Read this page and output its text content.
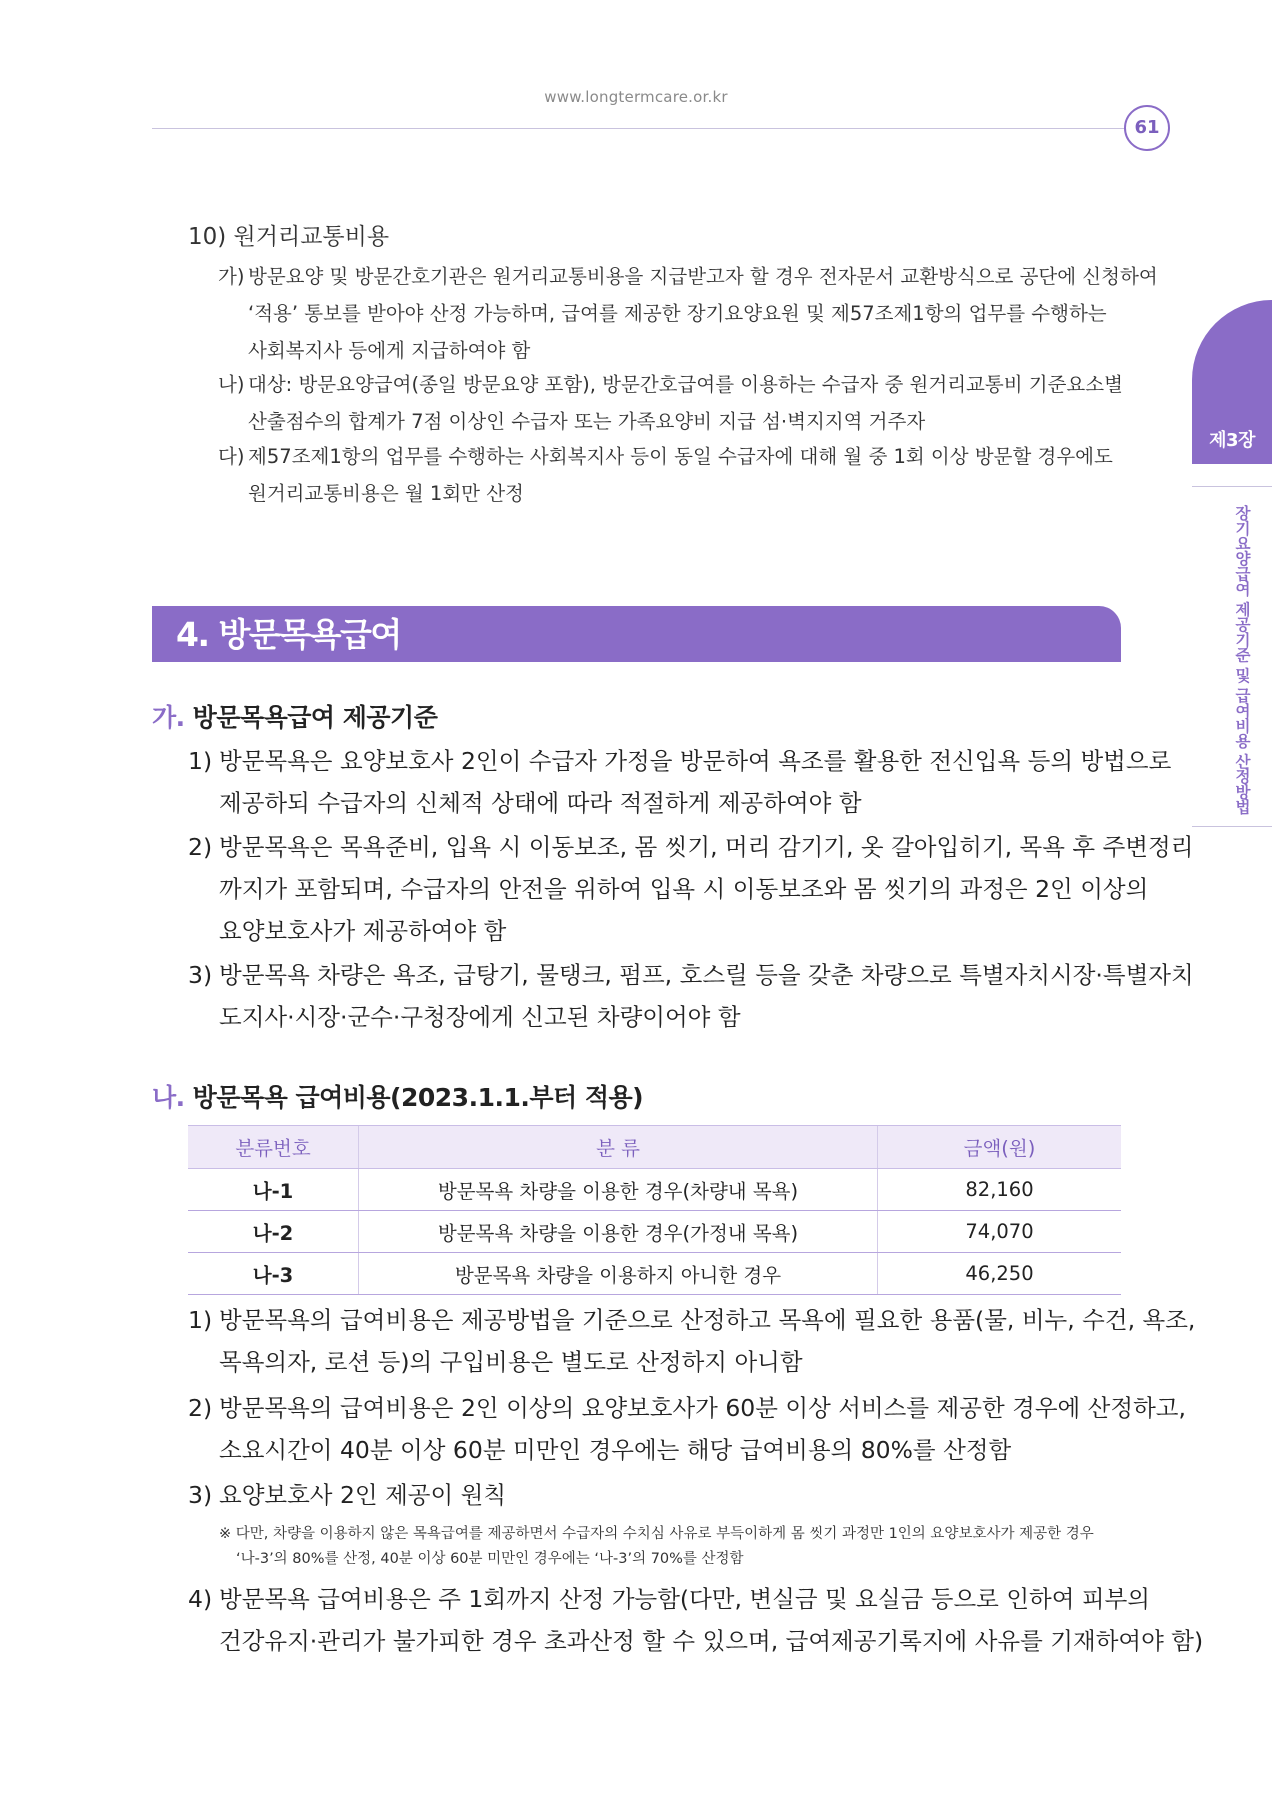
www.longtermcare.or.kr
61
제3장
장기요양급여 제공기준 및 급여비용 산정방법
10) 원거리교통비용
가) 방문요양 및 방문간호기관은 원거리교통비용을 지급받고자 할 경우 전자문서 교환방식으로 공단에 신청하여
‘적용’ 통보를 받아야 산정 가능하며, 급여를 제공한 장기요양요원 및 제57조제1항의 업무를 수행하는
사회복지사 등에게 지급하여야 함
나) 대상: 방문요양급여(종일 방문요양 포함), 방문간호급여를 이용하는 수급자 중 원거리교통비 기준요소별
산출점수의 합계가 7점 이상인 수급자 또는 가족요양비 지급 섬·벽지지역 거주자
다) 제57조제1항의 업무를 수행하는 사회복지사 등이 동일 수급자에 대해 월 중 1회 이상 방문할 경우에도
원거리교통비용은 월 1회만 산정
4. 방문목욕급여
가. 방문목욕급여 제공기준
1) 방문목욕은 요양보호사 2인이 수급자 가정을 방문하여 욕조를 활용한 전신입욕 등의 방법으로
제공하되 수급자의 신체적 상태에 따라 적절하게 제공하여야 함
2) 방문목욕은 목욕준비, 입욕 시 이동보조, 몸 씻기, 머리 감기기, 옷 갈아입히기, 목욕 후 주변정리
까지가 포함되며, 수급자의 안전을 위하여 입욕 시 이동보조와 몸 씻기의 과정은 2인 이상의
요양보호사가 제공하여야 함
3) 방문목욕 차량은 욕조, 급탕기, 물탱크, 펌프, 호스릴 등을 갖춘 차량으로 특별자치시장·특별자치
도지사·시장·군수·구청장에게 신고된 차량이어야 함
나. 방문목욕 급여비용(2023.1.1.부터 적용)
분류번호	분 류	금액(원)
나-1	방문목욕 차량을 이용한 경우(차량내 목욕)	82,160
나-2	방문목욕 차량을 이용한 경우(가정내 목욕)	74,070
나-3	방문목욕 차량을 이용하지 아니한 경우	46,250
1) 방문목욕의 급여비용은 제공방법을 기준으로 산정하고 목욕에 필요한 용품(물, 비누, 수건, 욕조,
목욕의자, 로션 등)의 구입비용은 별도로 산정하지 아니함
2) 방문목욕의 급여비용은 2인 이상의 요양보호사가 60분 이상 서비스를 제공한 경우에 산정하고,
소요시간이 40분 이상 60분 미만인 경우에는 해당 급여비용의 80%를 산정함
3) 요양보호사 2인 제공이 원칙
※ 다만, 차량을 이용하지 않은 목욕급여를 제공하면서 수급자의 수치심 사유로 부득이하게 몸 씻기 과정만 1인의 요양보호사가 제공한 경우
‘나-3’의 80%를 산정, 40분 이상 60분 미만인 경우에는 ‘나-3’의 70%를 산정함
4) 방문목욕 급여비용은 주 1회까지 산정 가능함(다만, 변실금 및 요실금 등으로 인하여 피부의
건강유지·관리가 불가피한 경우 초과산정 할 수 있으며, 급여제공기록지에 사유를 기재하여야 함)
